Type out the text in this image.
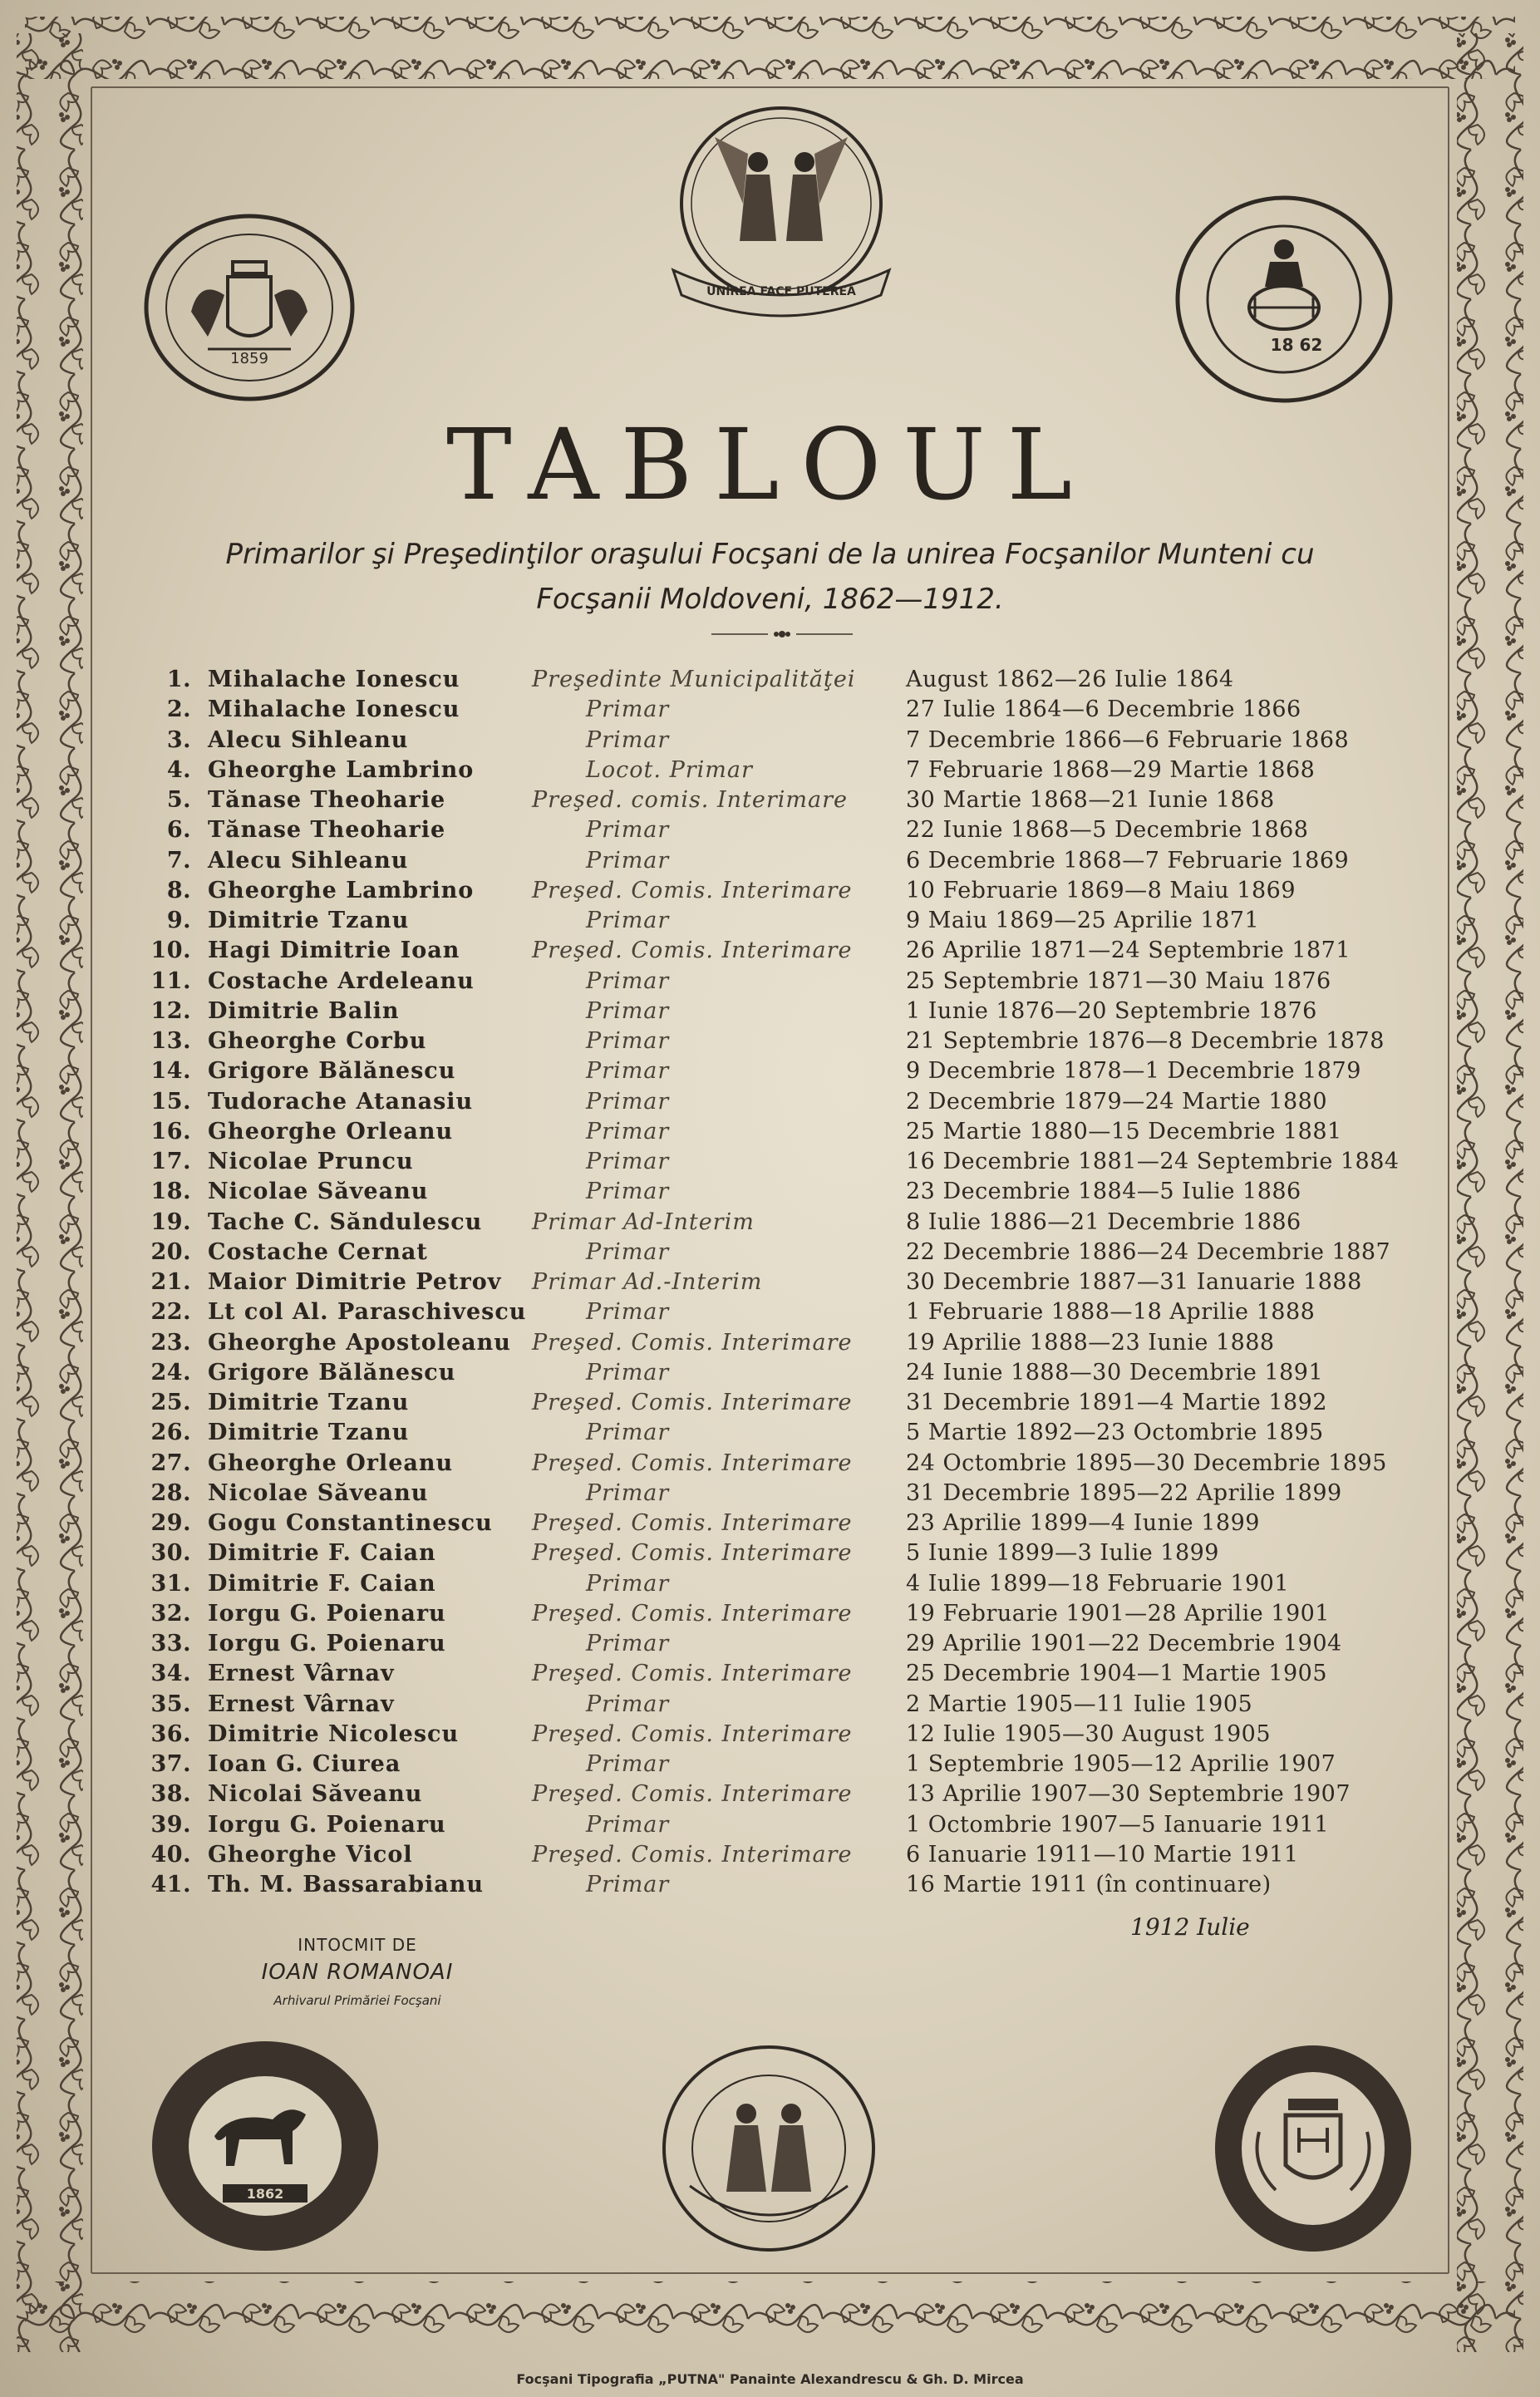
1859
UNIREA FACE PUTEREA
18 62
TABLOUL
Primarilor şi Preşedinţilor oraşului Focşani de la unirea Focşanilor Munteni cu
Focşanii Moldoveni, 1862—1912.
1. Mihalache Ionescu	Preşedinte Municipalităţei August 1862—26 Iulie 1864
2. Mihalache Ionescu	Primar	27 Iulie 1864—6 Decembrie 1866
3. Alecu Sihleanu	Primar	7 Decembrie 1866—6 Februarie 1868
4. Gheorghe Lambrino	Locot. Primar	7 Februarie 1868—29 Martie 1868
5. Tănase Theoharie	Preşed. comis. Interimare	30 Martie 1868—21 Iunie 1868
6. Tănase Theoharie	Primar	22 Iunie 1868—5 Decembrie 1868
7. Alecu Sihleanu	Primar	6 Decembrie 1868—7 Februarie 1869
8. Gheorghe Lambrino	Preşed. Comis. Interimare 10 Februarie 1869—8 Maiu 1869
9. Dimitrie Tzanu	Primar	9 Maiu 1869—25 Aprilie 1871
10. Hagi Dimitrie Ioan	Preşed. Comis. Interimare 26 Aprilie 1871—24 Septembrie 1871
11. Costache Ardeleanu	Primar	25 Septembrie 1871—30 Maiu 1876
12. Dimitrie Balin	Primar	1 Iunie 1876—20 Septembrie 1876
13. Gheorghe Corbu	Primar	21 Septembrie 1876—8 Decembrie 1878
14. Grigore Bălănescu	Primar	9 Decembrie 1878—1 Decembrie 1879
15. Tudorache Atanasiu	Primar	2 Decembrie 1879—24 Martie 1880
16. Gheorghe Orleanu	Primar	25 Martie 1880—15 Decembrie 1881
17. Nicolae Pruncu	Primar	16 Decembrie 1881—24 Septembrie 1884
18. Nicolae Săveanu	Primar	23 Decembrie 1884—5 Iulie 1886
19. Tache C. Săndulescu Primar Ad-Interim	8 Iulie 1886—21 Decembrie 1886
20. Costache Cernat	Primar	22 Decembrie 1886—24 Decembrie 1887
21. Maior Dimitrie Petrov Primar Ad.-Interim	30 Decembrie 1887—31 Ianuarie 1888
22. Lt col Al. Paraschivescu	Primar	1 Februarie 1888—18 Aprilie 1888
23. Gheorghe Apostoleanu Preşed. Comis. Interimare 19 Aprilie 1888—23 Iunie 1888
24. Grigore Bălănescu	Primar	24 Iunie 1888—30 Decembrie 1891
25. Dimitrie Tzanu	Preşed. Comis. Interimare 31 Decembrie 1891—4 Martie 1892
26. Dimitrie Tzanu	Primar	5 Martie 1892—23 Octombrie 1895
27. Gheorghe Orleanu	Preşed. Comis. Interimare 24 Octombrie 1895—30 Decembrie 1895
28. Nicolae Săveanu	Primar	31 Decembrie 1895—22 Aprilie 1899
29. Gogu Constantinescu Preşed. Comis. Interimare 23 Aprilie 1899—4 Iunie 1899
30. Dimitrie F. Caian	Preşed. Comis. Interimare 5 Iunie 1899—3 Iulie 1899
31. Dimitrie F. Caian	Primar	4 Iulie 1899—18 Februarie 1901
32. Iorgu G. Poienaru	Preşed. Comis. Interimare 19 Februarie 1901—28 Aprilie 1901
33. Iorgu G. Poienaru	Primar	29 Aprilie 1901—22 Decembrie 1904
34. Ernest Vârnav	Preşed. Comis. Interimare 25 Decembrie 1904—1 Martie 1905
35. Ernest Vârnav	Primar	2 Martie 1905—11 Iulie 1905
36. Dimitrie Nicolescu	Preşed. Comis. Interimare 12 Iulie 1905—30 August 1905
37. Ioan G. Ciurea	Primar	1 Septembrie 1905—12 Aprilie 1907
38. Nicolai Săveanu	Preşed. Comis. Interimare 13 Aprilie 1907—30 Septembrie 1907
39. Iorgu G. Poienaru	Primar	1 Octombrie 1907—5 Ianuarie 1911
40. Gheorghe Vicol	Preşed. Comis. Interimare 6 Ianuarie 1911—10 Martie 1911
41. Th. M. Bassarabianu	Primar	16 Martie 1911 (în continuare)
INTOCMIT DE
IOAN ROMANOAI
Arhivarul Primăriei Focşani
1912 Iulie
1862
Focşani Tipografia „PUTNA" Panainte Alexandrescu & Gh. D. Mircea
